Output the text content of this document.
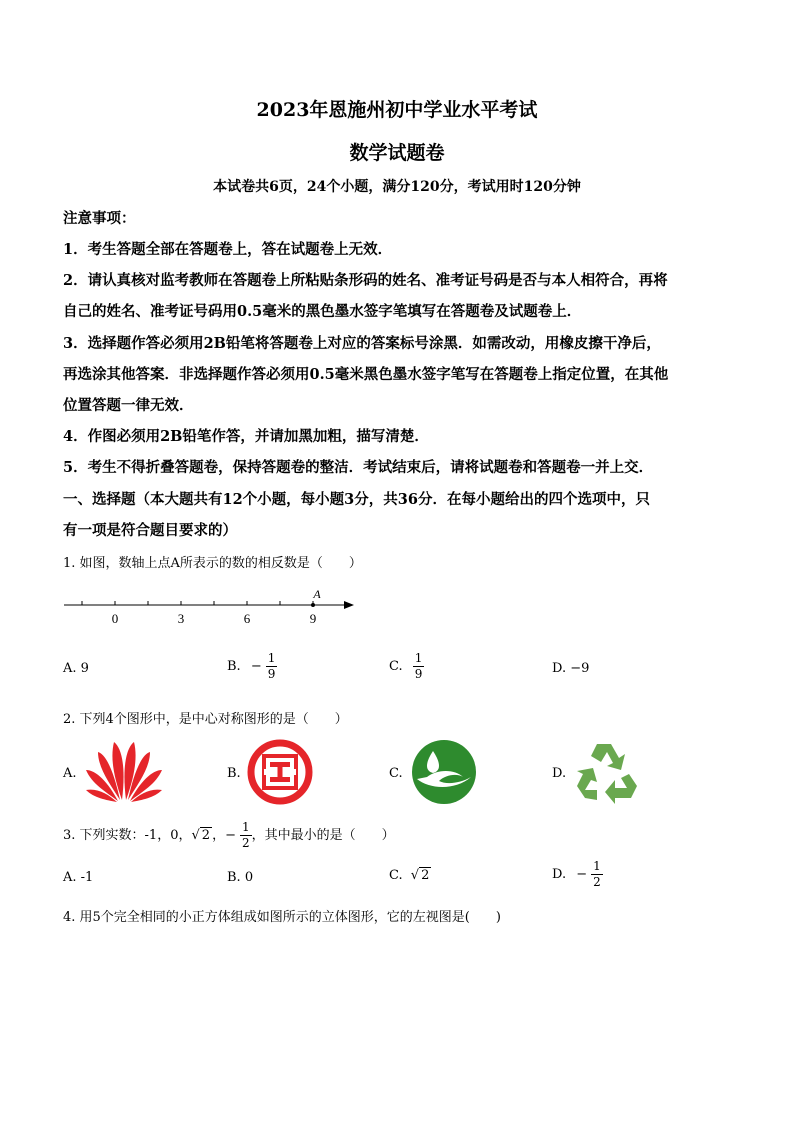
2023年恩施州初中学业水平考试
数学试题卷
本试卷共6页，24个小题，满分120分，考试用时120分钟
注意事项：
1．考生答题全部在答题卷上，答在试题卷上无效．
2．请认真核对监考教师在答题卷上所粘贴条形码的姓名、准考证号码是否与本人相符合，再将
自己的姓名、准考证号码用0.5毫米的黑色墨水签字笔填写在答题卷及试题卷上．
3．选择题作答必须用2B铅笔将答题卷上对应的答案标号涂黑．如需改动，用橡皮擦干净后，
再选涂其他答案．非选择题作答必须用0.5毫米黑色墨水签字笔写在答题卷上指定位置，在其他
位置答题一律无效．
4．作图必须用2B铅笔作答，并请加黑加粗，描写清楚．
5．考生不得折叠答题卷，保持答题卷的整洁．考试结束后，请将试题卷和答题卷一并上交．
一、选择题（本大题共有12个小题，每小题3分，共36分．在每小题给出的四个选项中，只
有一项是符合题目要求的）
1. 如图，数轴上点A所表示的数的相反数是（　　）
0	3	6	9
A
A. 9	B. − $\frac{1}{9}$	C. $\frac{1}{9}$	D. −9
2. 下列4个图形中，是中心对称图形的是（　　）
A.	B.	C.	D.
3. 下列实数：-1，0，√ 2 ，− $\frac{1}{2}$ ，其中最小的是（　　）
A. -1	B. 0	C. √ 2	D. − $\frac{1}{2}$
4. 用5个完全相同的小正方体组成如图所示的立体图形，它的左视图是(　　)
